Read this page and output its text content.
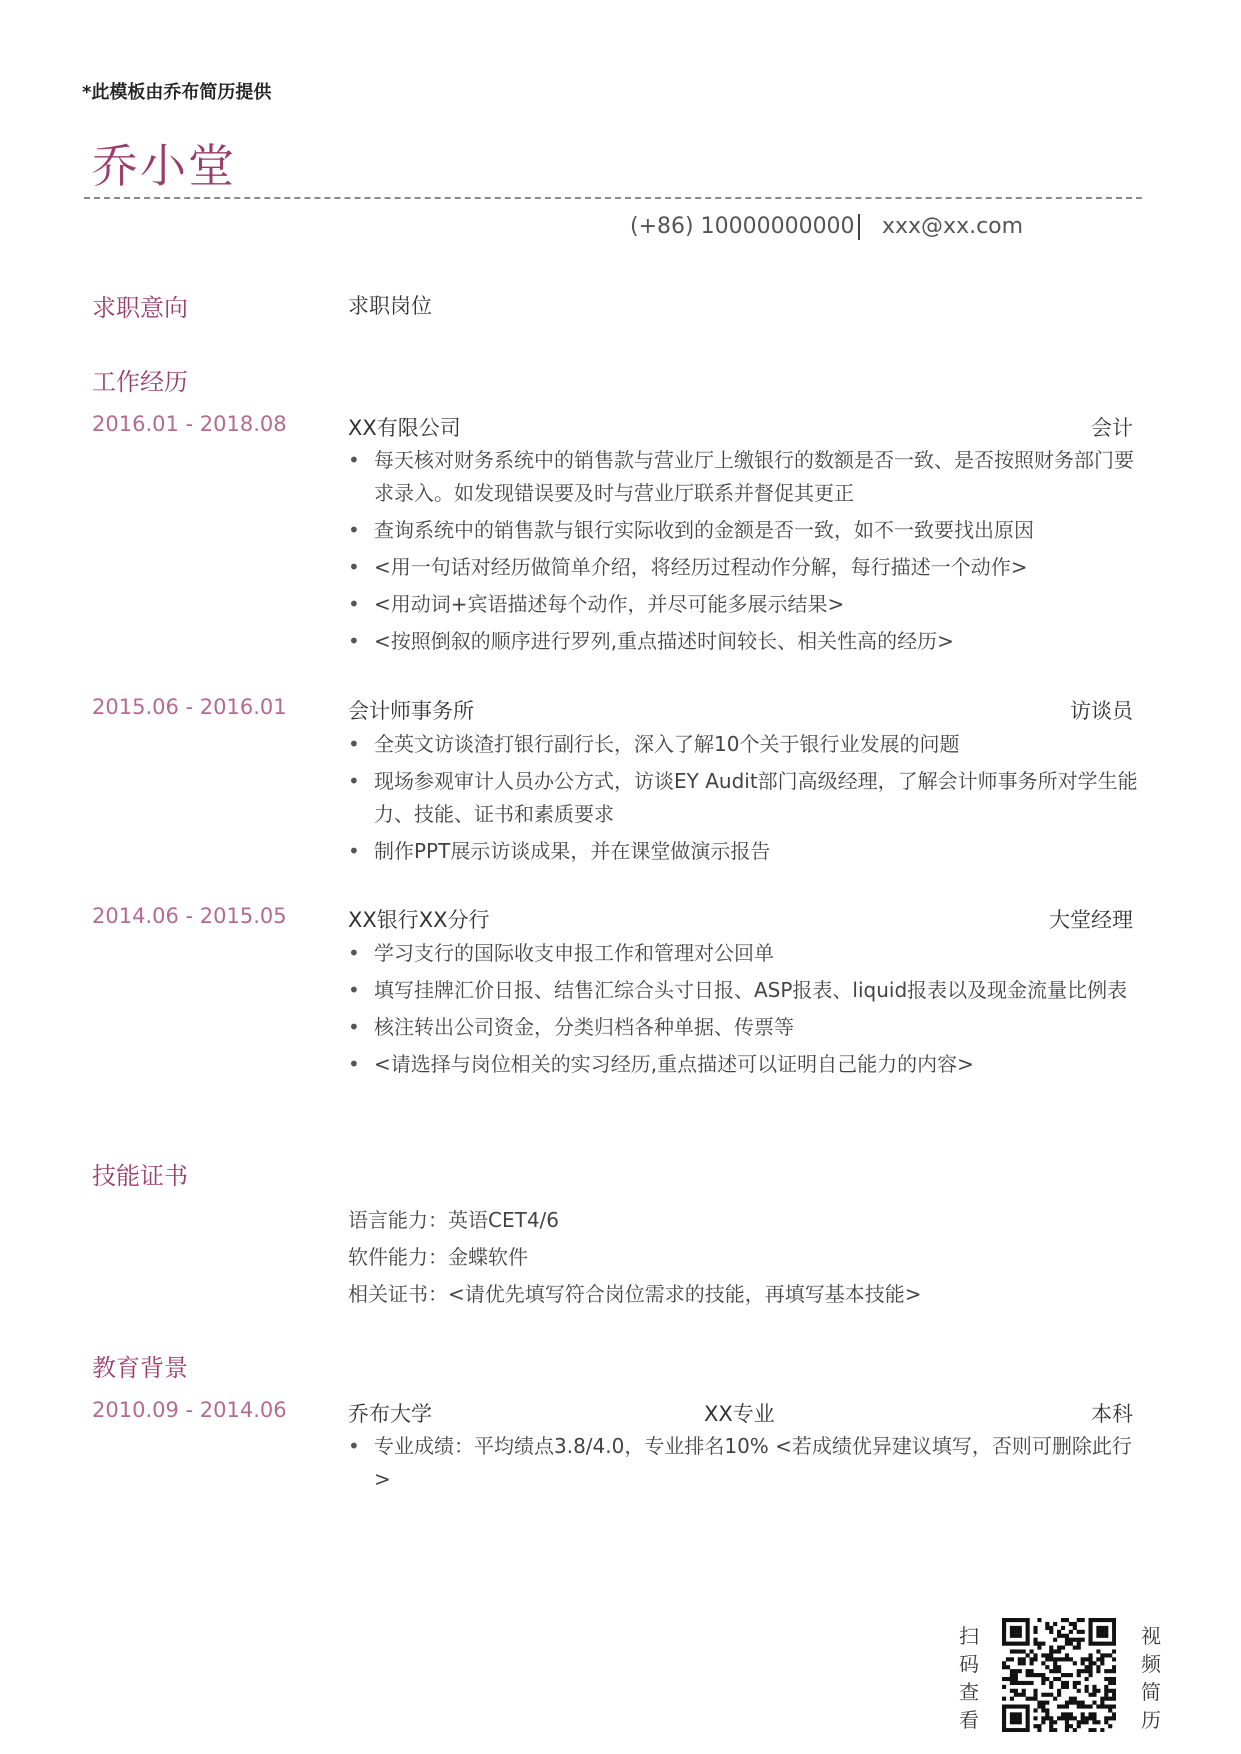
*此模板由乔布简历提供
乔小堂
(+86) 10000000000 xxx@xx.com
求职意向	求职岗位
工作经历
2016.01 - 2018.08	XX有限公司	会计
• 每天核对财务系统中的销售款与营业厅上缴银行的数额是否一致、是否按照财务部门要求录入。如发现错误要及时与营业厅联系并督促其更正
• 查询系统中的销售款与银行实际收到的金额是否一致，如不一致要找出原因
• <用一句话对经历做简单介绍，将经历过程动作分解，每行描述一个动作>
• <用动词+宾语描述每个动作，并尽可能多展示结果>
• <按照倒叙的顺序进行罗列,重点描述时间较长、相关性高的经历>
2015.06 - 2016.01	会计师事务所	访谈员
• 全英文访谈渣打银行副行长，深入了解10个关于银行业发展的问题
• 现场参观审计人员办公方式，访谈EY Audit部门高级经理，了解会计师事务所对学生能力、技能、证书和素质要求
• 制作PPT展示访谈成果，并在课堂做演示报告
2014.06 - 2015.05	XX银行XX分行	大堂经理
• 学习支行的国际收支申报工作和管理对公回单
• 填写挂牌汇价日报、结售汇综合头寸日报、ASP报表、liquid报表以及现金流量比例表
• 核注转出公司资金，分类归档各种单据、传票等
• <请选择与岗位相关的实习经历,重点描述可以证明自己能力的内容>
技能证书
语言能力：英语CET4/6
软件能力：金蝶软件
相关证书：<请优先填写符合岗位需求的技能，再填写基本技能>
教育背景
2010.09 - 2014.06	乔布大学	XX专业	本科
• 专业成绩：平均绩点3.8/4.0，专业排名10% <若成绩优异建议填写，否则可删除此行>
扫
码
查
看
视
频
简
历
